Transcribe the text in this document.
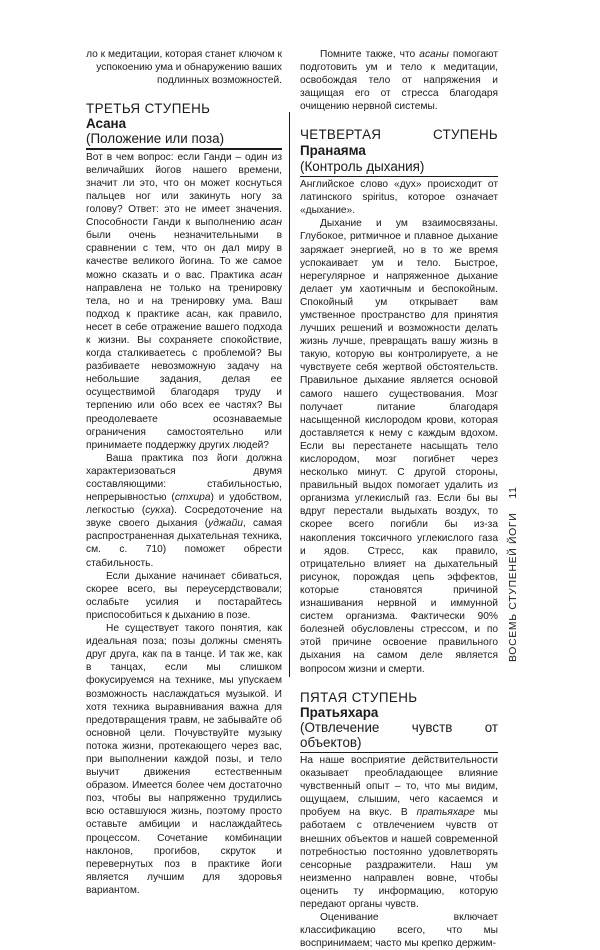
ло к медитации, которая станет ключом к успокоению ума и обнаружению ваших подлинных возможностей.

ТРЕТЬЯ СТУПЕНЬ
Асана
(Положение или поза)

Вот в чем вопрос: если Ганди – один из величайших йогов нашего времени, значит ли это, что он может коснуться пальцев ног или закинуть ногу за голову? Ответ: это не имеет значения. Способности Ганди к выполнению асан были очень незначительными в сравнении с тем, что он дал миру в качестве великого йогина. То же самое можно сказать и о вас. Практика асан направлена не только на тренировку тела, но и на тренировку ума. Ваш подход к практике асан, как правило, несет в себе отражение вашего подхода к жизни. Вы сохраняете спокойствие, когда сталкиваетесь с проблемой? Вы разбиваете невозможную задачу на небольшие задания, делая ее осуществимой благодаря труду и терпению или обо всех ее частях? Вы преодолеваете осознаваемые ограничения самостоятельно или принимаете поддержку других людей?

Ваша практика поз йоги должна характеризоваться двумя составляющими: стабильностью, непрерывностью (стхира) и удобством, легкостью (сукха). Сосредоточение на звуке своего дыхания (уджайи, самая распространенная дыхательная техника, см. с. 710) поможет обрести стабильность.

Если дыхание начинает сбиваться, скорее всего, вы переусердствовали; ослабьте усилия и постарайтесь приспособиться к дыханию в позе.

Не существует такого понятия, как идеальная поза; позы должны сменять друг друга, как па в танце. И так же, как в танцах, если мы слишком фокусируемся на технике, мы упускаем возможность наслаждаться музыкой. И хотя техника выравнивания важна для предотвращения травм, не забывайте об основной цели. Почувствуйте музыку потока жизни, протекающего через вас, при выполнении каждой позы, и тело выучит движения естественным образом. Имеется более чем достаточно поз, чтобы вы напряженно трудились всю оставшуюся жизнь, поэтому просто оставьте амбиции и наслаждайтесь процессом. Сочетание комбинации наклонов, прогибов, скруток и перевернутых поз в практике йоги является лучшим для здоровья вариантом.

Помните также, что асаны помогают подготовить ум и тело к медитации, освобождая тело от напряжения и защищая его от стресса благодаря очищению нервной системы.

ЧЕТВЕРТАЯ СТУПЕНЬ Пранаяма
(Контроль дыхания)

Английское слово «дух» происходит от латинского spiritus, которое означает «дыхание».

Дыхание и ум взаимосвязаны. Глубокое, ритмичное и плавное дыхание заряжает энергией, но в то же время успокаивает ум и тело. Быстрое, нерегулярное и напряженное дыхание делает ум хаотичным и беспокойным. Спокойный ум открывает вам умственное пространство для принятия лучших решений и возможности делать жизнь лучше, превращать вашу жизнь в такую, которую вы контролируете, а не чувствуете себя жертвой обстоятельств. Правильное дыхание является основой самого нашего существования. Мозг получает питание благодаря насыщенной кислородом крови, которая доставляется к нему с каждым вдохом. Если вы перестанете насыщать тело кислородом, мозг погибнет через несколько минут. С другой стороны, правильный выдох помогает удалить из организма углекислый газ. Если бы вы вдруг перестали выдыхать воздух, то скорее всего погибли бы из-за накопления токсичного углекислого газа и ядов. Стресс, как правило, отрицательно влияет на дыхательный рисунок, порождая цепь эффектов, которые становятся причиной изнашивания нервной и иммунной систем организма. Фактически 90% болезней обусловлены стрессом, и по этой причине освоение правильного дыхания на самом деле является вопросом жизни и смерти.

ПЯТАЯ СТУПЕНЬ
Пратьяхара
(Отвлечение чувств от объектов)

На наше восприятие действительности оказывает преобладающее влияние чувственный опыт – то, что мы видим, ощущаем, слышим, чего касаемся и пробуем на вкус. В пратьяхаре мы работаем с отвлечением чувств от внешних объектов и нашей современной потребностью постоянно удовлетворять сенсорные раздражители. Наш ум неизменно направлен вовне, чтобы оценить ту информацию, которую передают органы чувств.

Оценивание включает классификацию всего, что мы воспринимаем; часто мы крепко держим-

ВОСЕМЬ СТУПЕНЕЙ ЙОГИ11
